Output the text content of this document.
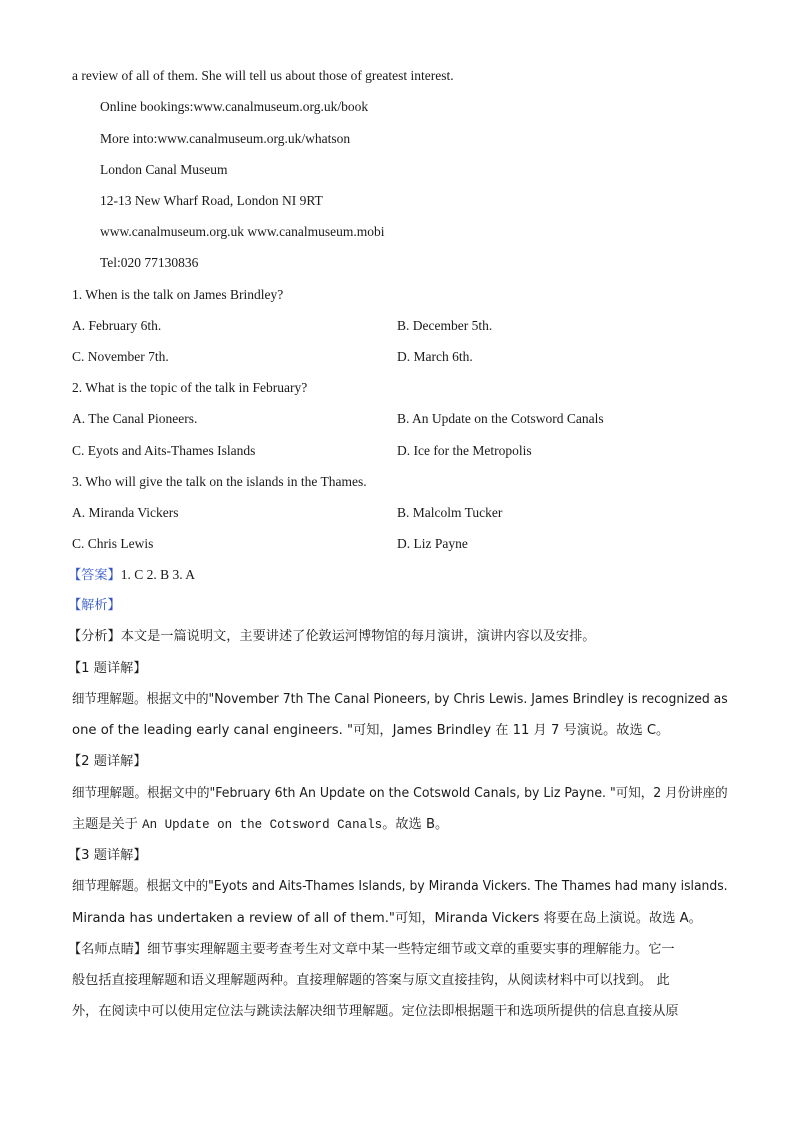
a review of all of them. She will tell us about those of greatest interest.
Online bookings:www.canalmuseum.org.uk/book
More into:www.canalmuseum.org.uk/whatson
London Canal Museum
12-13 New Wharf Road, London NI 9RT
www.canalmuseum.org.uk www.canalmuseum.mobi
Tel:020 77130836
1. When is the talk on James Brindley?
A. February 6th.	B. December 5th.
C. November 7th.	D. March 6th.
2. What is the topic of the talk in February?
A. The Canal Pioneers.	B. An Update on the Cotsword Canals
C. Eyots and Aits-Thames Islands	D. Ice for the Metropolis
3. Who will give the talk on the islands in the Thames.
A. Miranda Vickers	B. Malcolm Tucker
C. Chris Lewis	D. Liz Payne
【答案】1. C 2. B 3. A
【解析】
【分析】本文是一篇说明文，主要讲述了伦敦运河博物馆的每月演讲，演讲内容以及安排。
【1 题详解】
细节理解题。根据文中的"November 7th The Canal Pioneers, by Chris Lewis. James Brindley is recognized as
one of the leading early canal engineers. "可知，James Brindley 在 11 月 7 号演说。故选 C。
【2 题详解】
细节理解题。根据文中的"February 6th An Update on the Cotswold Canals, by Liz Payne. "可知，2 月份讲座的
主题是关于 An Update on the Cotsword Canals。故选 B。
【3 题详解】
细节理解题。根据文中的"Eyots and Aits-Thames Islands, by Miranda Vickers. The Thames had many islands.
Miranda has undertaken a review of all of them."可知，Miranda Vickers 将要在岛上演说。故选 A。
【名师点睛】细节事实理解题主要考查考生对文章中某一些特定细节或文章的重要实事的理解能力。它一
般包括直接理解题和语义理解题两种。直接理解题的答案与原文直接挂钩，从阅读材料中可以找到。 此
外，在阅读中可以使用定位法与跳读法解决细节理解题。定位法即根据题干和选项所提供的信息直接从原
